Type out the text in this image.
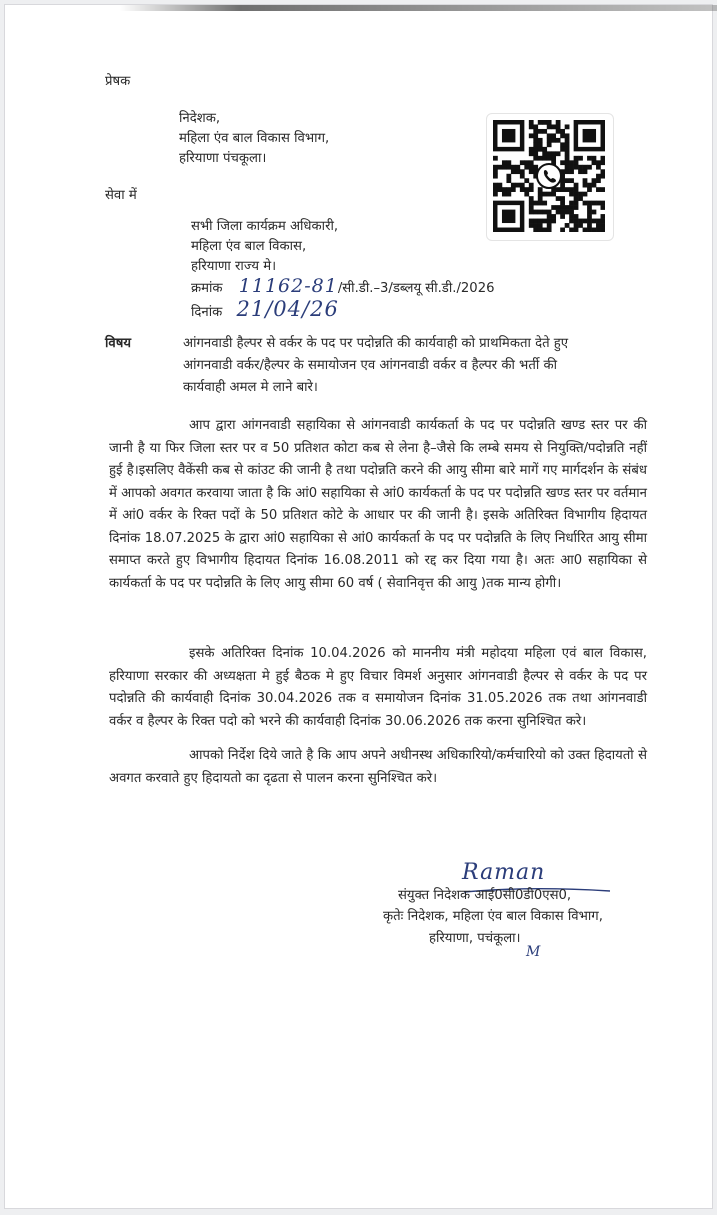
प्रेषक
निदेशक,
महिला एंव बाल विकास विभाग,
हरियाणा पंचकूला।
सेवा में
सभी जिला कार्यक्रम अधिकारी,
महिला एंव बाल विकास,
हरियाणा राज्य मे।
क्रमांक 11162-81/सी.डी.–3/डब्लयू सी.डी./2026
दिनांक 21/04/26
विषय	आंगनवाडी हैल्पर से वर्कर के पद पर पदोन्नति की कार्यवाही को प्राथमिकता देते हुए
आंगनवाडी वर्कर/हैल्पर के समायोजन एव आंगनवाडी वर्कर व हैल्पर की भर्ती की
कार्यवाही अमल मे लाने बारे।
आप द्वारा आंगनवाडी सहायिका से आंगनवाडी कार्यकर्ता के पद पर पदोन्नति खण्ड स्तर पर की जानी है या फिर जिला स्तर पर व 50 प्रतिशत कोटा कब से लेना है–जैसे कि लम्बे समय से नियुक्ति/पदोन्नति नहीं हुई है।इसलिए वैकेंसी कब से कांउट की जानी है तथा पदोन्नति करने की आयु सीमा बारे मागें गए मार्गदर्शन के संबंध में आपको अवगत करवाया जाता है कि आं0 सहायिका से आं0 कार्यकर्ता के पद पर पदोन्नति खण्ड स्तर पर वर्तमान में आं0 वर्कर के रिक्त पदों के 50 प्रतिशत कोटे के आधार पर की जानी है। इसके अतिरिक्त विभागीय हिदायत दिनांक 18.07.2025 के द्वारा आं0 सहायिका से आं0 कार्यकर्ता के पद पर पदोन्नति के लिए निर्धारित आयु सीमा समाप्त करते हुए विभागीय हिदायत दिनांक 16.08.2011 को रद्द कर दिया गया है। अतः आ0 सहायिका से कार्यकर्ता के पद पर पदोन्नति के लिए आयु सीमा 60 वर्ष ( सेवानिवृत्त की आयु )तक मान्य होगी।
इसके अतिरिक्त दिनांक 10.04.2026 को माननीय मंत्री महोदया महिला एवं बाल विकास, हरियाणा सरकार की अध्यक्षता मे हुई बैठक मे हुए विचार विमर्श अनुसार आंगनवाडी हैल्पर से वर्कर के पद पर पदोन्नति की कार्यवाही दिनांक 30.04.2026 तक व समायोजन दिनांक 31.05.2026 तक तथा आंगनवाडी वर्कर व हैल्पर के रिक्त पदो को भरने की कार्यवाही दिनांक 30.06.2026 तक करना सुनिश्चित करे।
आपको निर्देश दिये जाते है कि आप अपने अधीनस्थ अधिकारियो/कर्मचारियो को उक्त हिदायतो से अवगत करवाते हुए हिदायतो का दृढता से पालन करना सुनिश्चित करे।
Raman
संयुक्त निदेशक आई0सी0डी0एस0,
कृतेः निदेशक, महिला एंव बाल विकास विभाग,
हरियाणा, पचंकूला।
M
